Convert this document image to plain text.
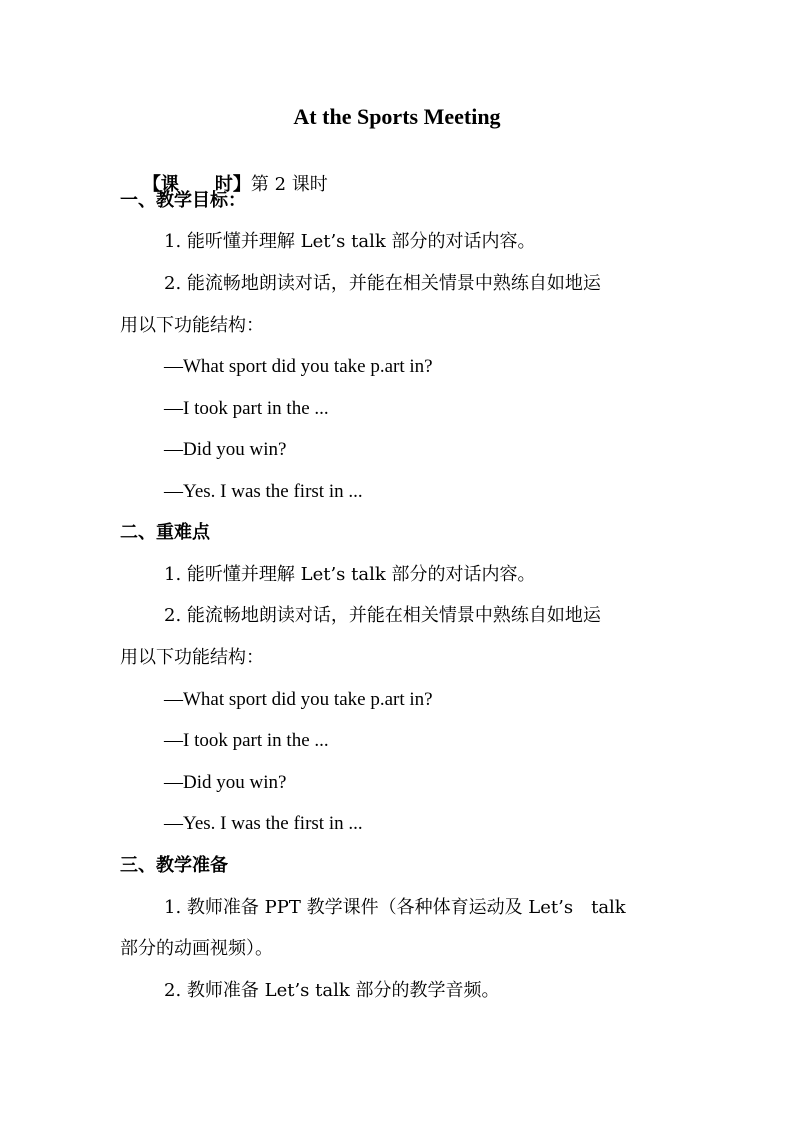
At the Sports Meeting

【课　　时】第 2 课时

一、教学目标：
1. 能听懂并理解 Let’s talk 部分的对话内容。
2. 能流畅地朗读对话，并能在相关情景中熟练自如地运
用以下功能结构：
—What sport did you take p.art in?
—I took part in the ...
—Did you win?
—Yes. I was the first in ...
二、重难点
1. 能听懂并理解 Let’s talk 部分的对话内容。
2. 能流畅地朗读对话，并能在相关情景中熟练自如地运
用以下功能结构：
—What sport did you take p.art in?
—I took part in the ...
—Did you win?
—Yes. I was the first in ...
三、教学准备
1. 教师准备 PPT 教学课件（各种体育运动及 Let’s　talk
部分的动画视频）。
2. 教师准备 Let’s talk 部分的教学音频。
